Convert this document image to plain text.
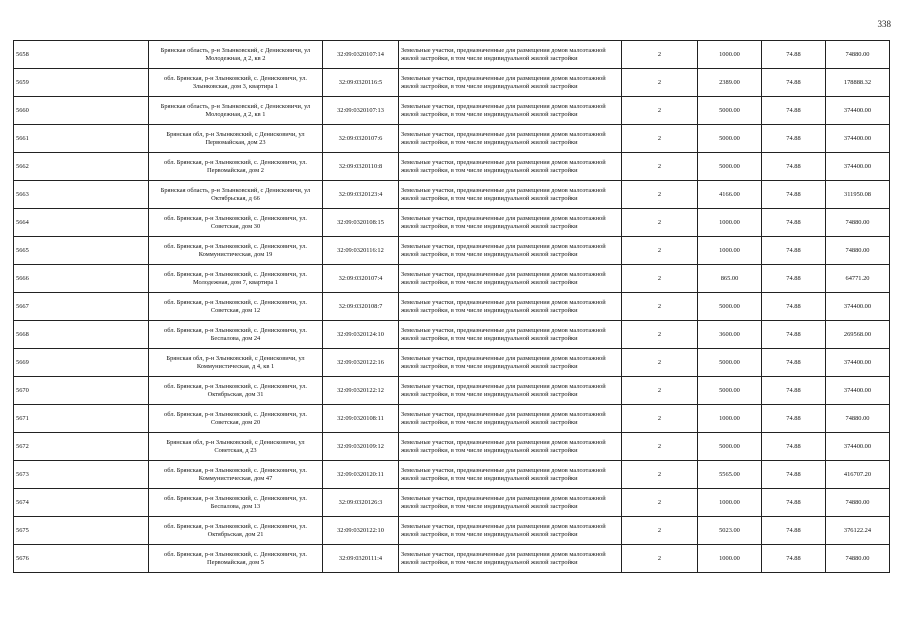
338
5658	Брянская область, р-н Злынковский, с Денисковичи, ул Молодежная, д 2, кв 2	32:09:0320107:14	Земельные участки, предназначенные для размещения домов малоэтажной жилой застройки, в том числе индивидуальной жилой застройки	2	1000.00	74.88	74880.00
5659	обл. Брянская, р-н Злынковский, с. Денисковичи, ул. Злынковская, дом 3, квартира 1	32:09:0320116:5	Земельные участки, предназначенные для размещения домов малоэтажной жилой застройки, в том числе индивидуальной жилой застройки	2	2389.00	74.88	178888.32
5660	Брянская область, р-н Злынковский, с Денисковичи, ул Молодежная, д 2, кв 1	32:09:0320107:13	Земельные участки, предназначенные для размещения домов малоэтажной жилой застройки, в том числе индивидуальной жилой застройки	2	5000.00	74.88	374400.00
5661	Брянская обл, р-н Злынковский, с Денисковичи, ул Первомайская, дом 23	32:09:0320107:6	Земельные участки, предназначенные для размещения домов малоэтажной жилой застройки, в том числе индивидуальной жилой застройки	2	5000.00	74.88	374400.00
5662	обл. Брянская, р-н Злынковский, с. Денисковичи, ул. Первомайская, дом 2	32:09:0320110:8	Земельные участки, предназначенные для размещения домов малоэтажной жилой застройки, в том числе индивидуальной жилой застройки	2	5000.00	74.88	374400.00
5663	Брянская область, р-н Злынковский, с Денисковичи, ул Октябрьская, д 66	32:09:0320123:4	Земельные участки, предназначенные для размещения домов малоэтажной жилой застройки, в том числе индивидуальной жилой застройки	2	4166.00	74.88	311950.08
5664	обл. Брянская, р-н Злынковский, с. Денисковичи, ул. Советская, дом 30	32:09:0320108:15	Земельные участки, предназначенные для размещения домов малоэтажной жилой застройки, в том числе индивидуальной жилой застройки	2	1000.00	74.88	74880.00
5665	обл. Брянская, р-н Злынковский, с. Денисковичи, ул. Коммунистическая, дом 19	32:09:0320116:12	Земельные участки, предназначенные для размещения домов малоэтажной жилой застройки, в том числе индивидуальной жилой застройки	2	1000.00	74.88	74880.00
5666	обл. Брянская, р-н Злынковский, с. Денисковичи, ул. Молодежная, дом 7, квартира 1	32:09:0320107:4	Земельные участки, предназначенные для размещения домов малоэтажной жилой застройки, в том числе индивидуальной жилой застройки	2	865.00	74.88	64771.20
5667	обл. Брянская, р-н Злынковский, с. Денисковичи, ул. Советская, дом 12	32:09:0320108:7	Земельные участки, предназначенные для размещения домов малоэтажной жилой застройки, в том числе индивидуальной жилой застройки	2	5000.00	74.88	374400.00
5668	обл. Брянская, р-н Злынковский, с. Денисковичи, ул. Беспалова, дом 24	32:09:0320124:10	Земельные участки, предназначенные для размещения домов малоэтажной жилой застройки, в том числе индивидуальной жилой застройки	2	3600.00	74.88	269568.00
5669	Брянская обл, р-н Злынковский, с Денисковичи, ул Коммунистическая, д 4, кв 1	32:09:0320122:16	Земельные участки, предназначенные для размещения домов малоэтажной жилой застройки, в том числе индивидуальной жилой застройки	2	5000.00	74.88	374400.00
5670	обл. Брянская, р-н Злынковский, с. Денисковичи, ул. Октябрьская, дом 31	32:09:0320122:12	Земельные участки, предназначенные для размещения домов малоэтажной жилой застройки, в том числе индивидуальной жилой застройки	2	5000.00	74.88	374400.00
5671	обл. Брянская, р-н Злынковский, с. Денисковичи, ул. Советская, дом 20	32:09:0320108:11	Земельные участки, предназначенные для размещения домов малоэтажной жилой застройки, в том числе индивидуальной жилой застройки	2	1000.00	74.88	74880.00
5672	Брянская обл, р-н Злынковский, с Денисковичи, ул Советская, д 23	32:09:0320109:12	Земельные участки, предназначенные для размещения домов малоэтажной жилой застройки, в том числе индивидуальной жилой застройки	2	5000.00	74.88	374400.00
5673	обл. Брянская, р-н Злынковский, с. Денисковичи, ул. Коммунистическая, дом 47	32:09:0320120:11	Земельные участки, предназначенные для размещения домов малоэтажной жилой застройки, в том числе индивидуальной жилой застройки	2	5565.00	74.88	416707.20
5674	обл. Брянская, р-н Злынковский, с. Денисковичи, ул. Беспалова, дом 13	32:09:0320126:3	Земельные участки, предназначенные для размещения домов малоэтажной жилой застройки, в том числе индивидуальной жилой застройки	2	1000.00	74.88	74880.00
5675	обл. Брянская, р-н Злынковский, с. Денисковичи, ул. Октябрьская, дом 21	32:09:0320122:10	Земельные участки, предназначенные для размещения домов малоэтажной жилой застройки, в том числе индивидуальной жилой застройки	2	5023.00	74.88	376122.24
5676	обл. Брянская, р-н Злынковский, с. Денисковичи, ул. Первомайская, дом 5	32:09:0320111:4	Земельные участки, предназначенные для размещения домов малоэтажной жилой застройки, в том числе индивидуальной жилой застройки	2	1000.00	74.88	74880.00
